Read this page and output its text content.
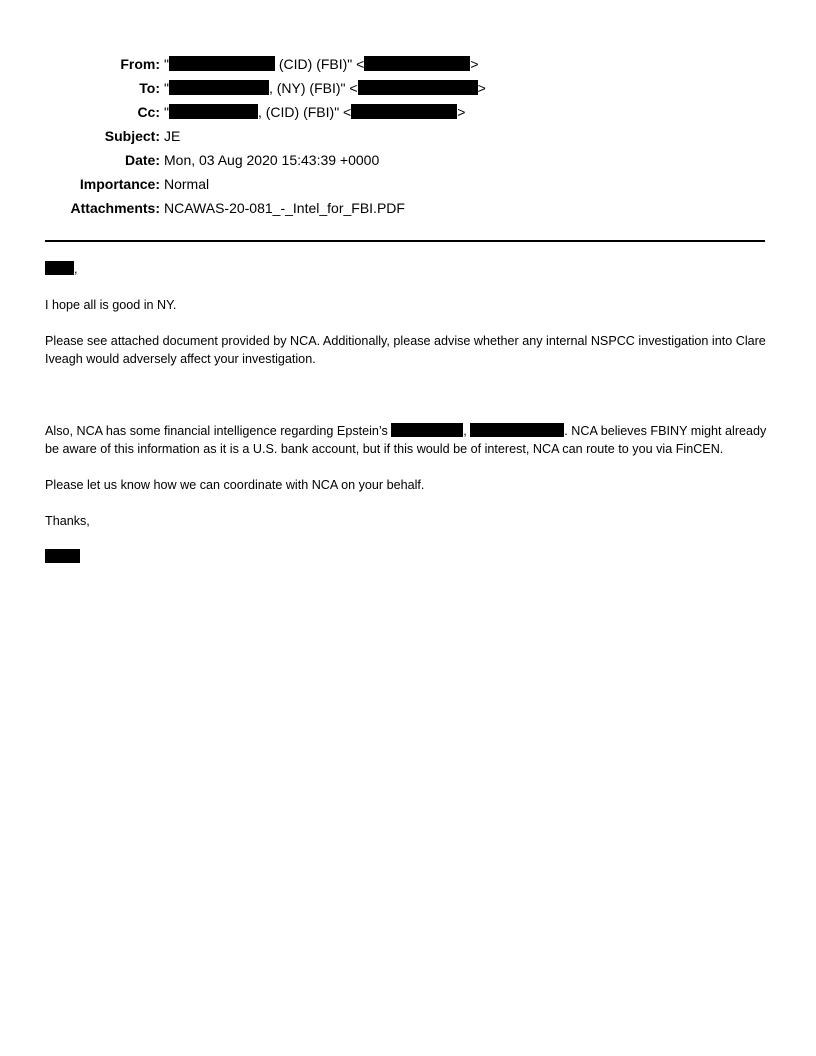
From: "	(CID) (FBI)" <	>
To: "	, (NY) (FBI)" <	>
Cc: "	, (CID) (FBI)" <	>
Subject: JE
Date: Mon, 03 Aug 2020 15:43:39 +0000
Importance: Normal
Attachments: NCAWAS-20-081_-_Intel_for_FBI.PDF

,

I hope all is good in NY.

Please see attached document provided by NCA. Additionally, please advise whether any internal NSPCC investigation into Clare Iveagh would adversely affect your investigation.

Also, NCA has some financial intelligence regarding Epstein’s	,	. NCA believes FBINY might already be aware of this information as it is a U.S. bank account, but if this would be of interest, NCA can route to you via FinCEN.

Please let us know how we can coordinate with NCA on your behalf.

Thanks,
